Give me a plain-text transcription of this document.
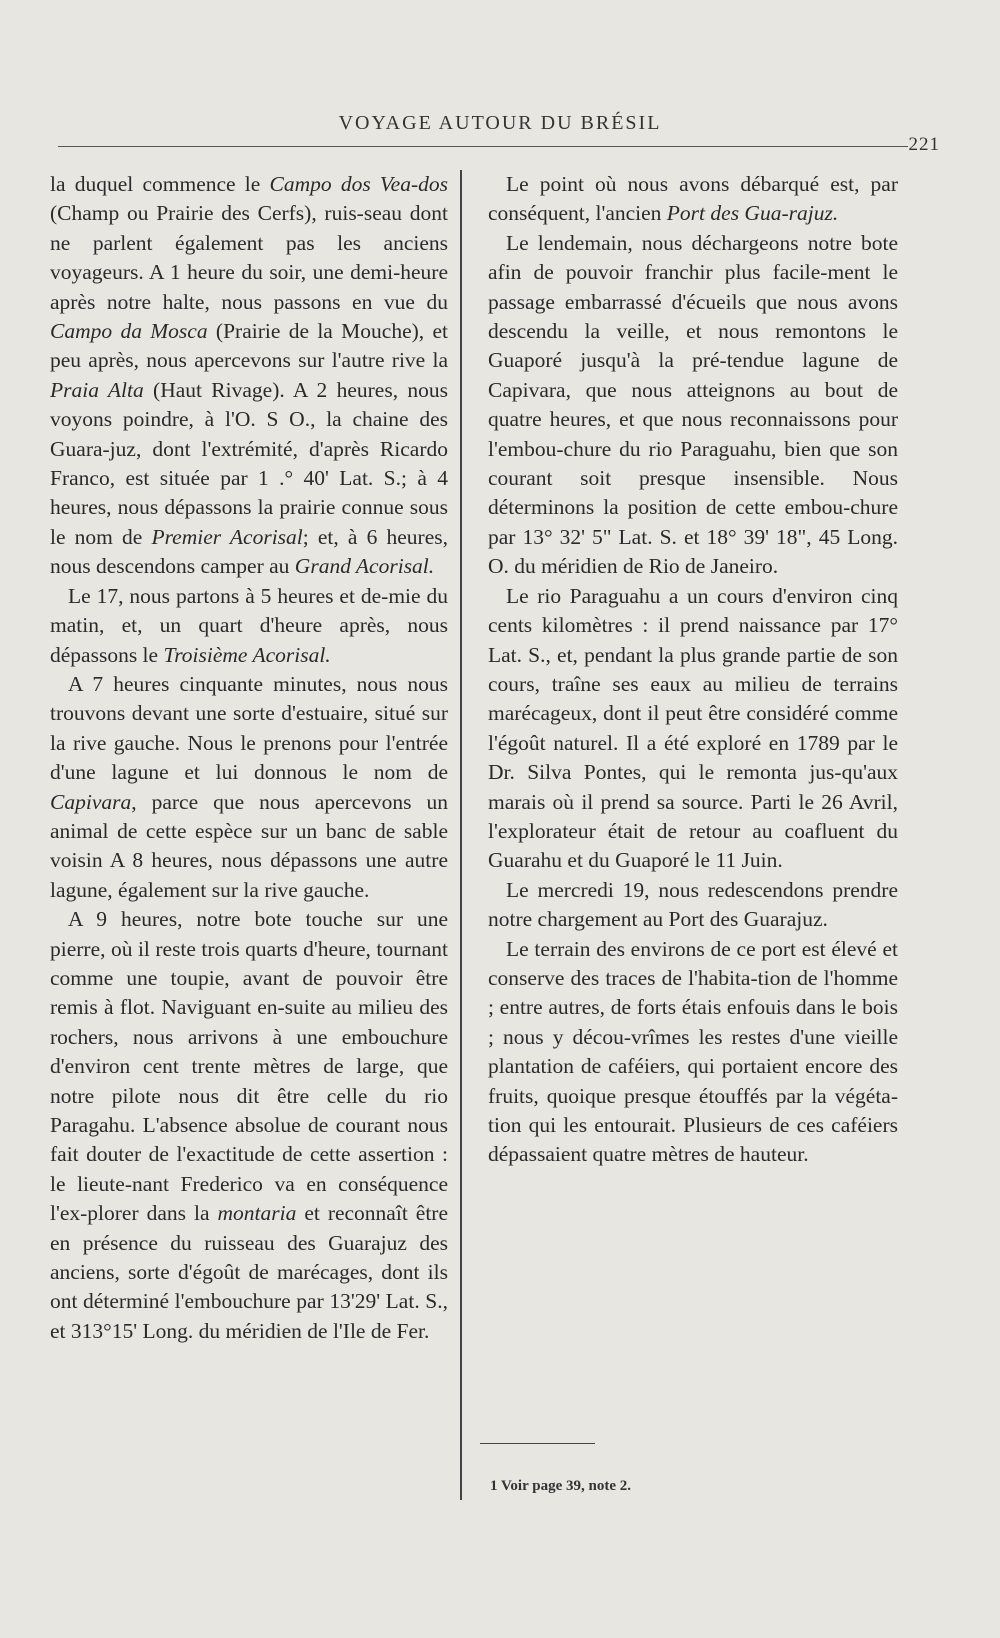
VOYAGE AUTOUR DU BRÉSIL
221

la duquel commence le Campo dos Vea-dos (Champ ou Prairie des Cerfs), ruis-seau dont ne parlent également pas les anciens voyageurs. A 1 heure du soir, une demi-heure après notre halte, nous passons en vue du Campo da Mosca (Prairie de la Mouche), et peu après, nous apercevons sur l'autre rive la Praia Alta (Haut Rivage). A 2 heures, nous voyons poindre, à l'O. S O., la chaine des Guara-juz, dont l'extrémité, d'après Ricardo Franco, est située par 1 .° 40' Lat. S.; à 4 heures, nous dépassons la prairie connue sous le nom de Premier Acorisal; et, à 6 heures, nous descendons camper au Grand Acorisal.

Le 17, nous partons à 5 heures et de-mie du matin, et, un quart d'heure après, nous dépassons le Troisième Acorisal.

A 7 heures cinquante minutes, nous nous trouvons devant une sorte d'estuaire, situé sur la rive gauche. Nous le prenons pour l'entrée d'une lagune et lui donnous le nom de Capivara, parce que nous apercevons un animal de cette espèce sur un banc de sable voisin A 8 heures, nous dépassons une autre lagune, également sur la rive gauche.

A 9 heures, notre bote touche sur une pierre, où il reste trois quarts d'heure, tournant comme une toupie, avant de pouvoir être remis à flot. Naviguant en-suite au milieu des rochers, nous arrivons à une embouchure d'environ cent trente mètres de large, que notre pilote nous dit être celle du rio Paragahu. L'absence absolue de courant nous fait douter de l'exactitude de cette assertion : le lieute-nant Frederico va en conséquence l'ex-plorer dans la montaria et reconnaît être en présence du ruisseau des Guarajuz des anciens, sorte d'égoût de marécages, dont ils ont déterminé l'embouchure par 13'29' Lat. S., et 313°15' Long. du méridien de l'Ile de Fer.

Le point où nous avons débarqué est, par conséquent, l'ancien Port des Gua-rajuz.

Le lendemain, nous déchargeons notre bote afin de pouvoir franchir plus facile-ment le passage embarrassé d'écueils que nous avons descendu la veille, et nous remontons le Guaporé jusqu'à la pré-tendue lagune de Capivara, que nous atteignons au bout de quatre heures, et que nous reconnaissons pour l'embou-chure du rio Paraguahu, bien que son courant soit presque insensible. Nous déterminons la position de cette embou-chure par 13° 32' 5" Lat. S. et 18° 39' 18", 45 Long. O. du méridien de Rio de Janeiro.

Le rio Paraguahu a un cours d'environ cinq cents kilomètres : il prend naissance par 17° Lat. S., et, pendant la plus grande partie de son cours, traîne ses eaux au milieu de terrains marécageux, dont il peut être considéré comme l'égoût naturel. Il a été exploré en 1789 par le Dr. Silva Pontes, qui le remonta jus-qu'aux marais où il prend sa source. Parti le 26 Avril, l'explorateur était de retour au coafluent du Guarahu et du Guaporé le 11 Juin.

Le mercredi 19, nous redescendons prendre notre chargement au Port des Guarajuz.

Le terrain des environs de ce port est élevé et conserve des traces de l'habita-tion de l'homme ; entre autres, de forts étais enfouis dans le bois ; nous y décou-vrîmes les restes d'une vieille plantation de caféiers, qui portaient encore des fruits, quoique presque étouffés par la végéta-tion qui les entourait. Plusieurs de ces caféiers dépassaient quatre mètres de hauteur.

1 Voir page 39, note 2.
